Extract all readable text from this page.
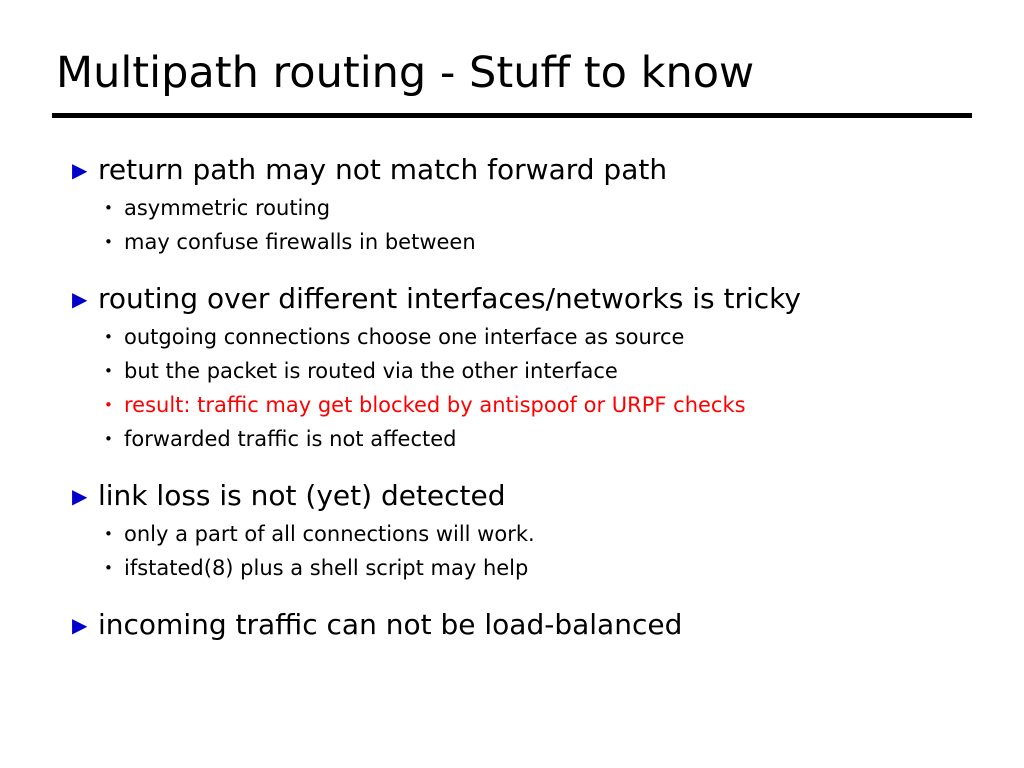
Multipath routing - Stuff to know
▶ return path may not match forward path
• asymmetric routing
• may confuse firewalls in between
▶ routing over different interfaces/networks is tricky
• outgoing connections choose one interface as source
• but the packet is routed via the other interface
• result: traffic may get blocked by antispoof or URPF checks
• forwarded traffic is not affected
▶ link loss is not (yet) detected
• only a part of all connections will work.
• ifstated(8) plus a shell script may help
▶ incoming traffic can not be load-balanced
